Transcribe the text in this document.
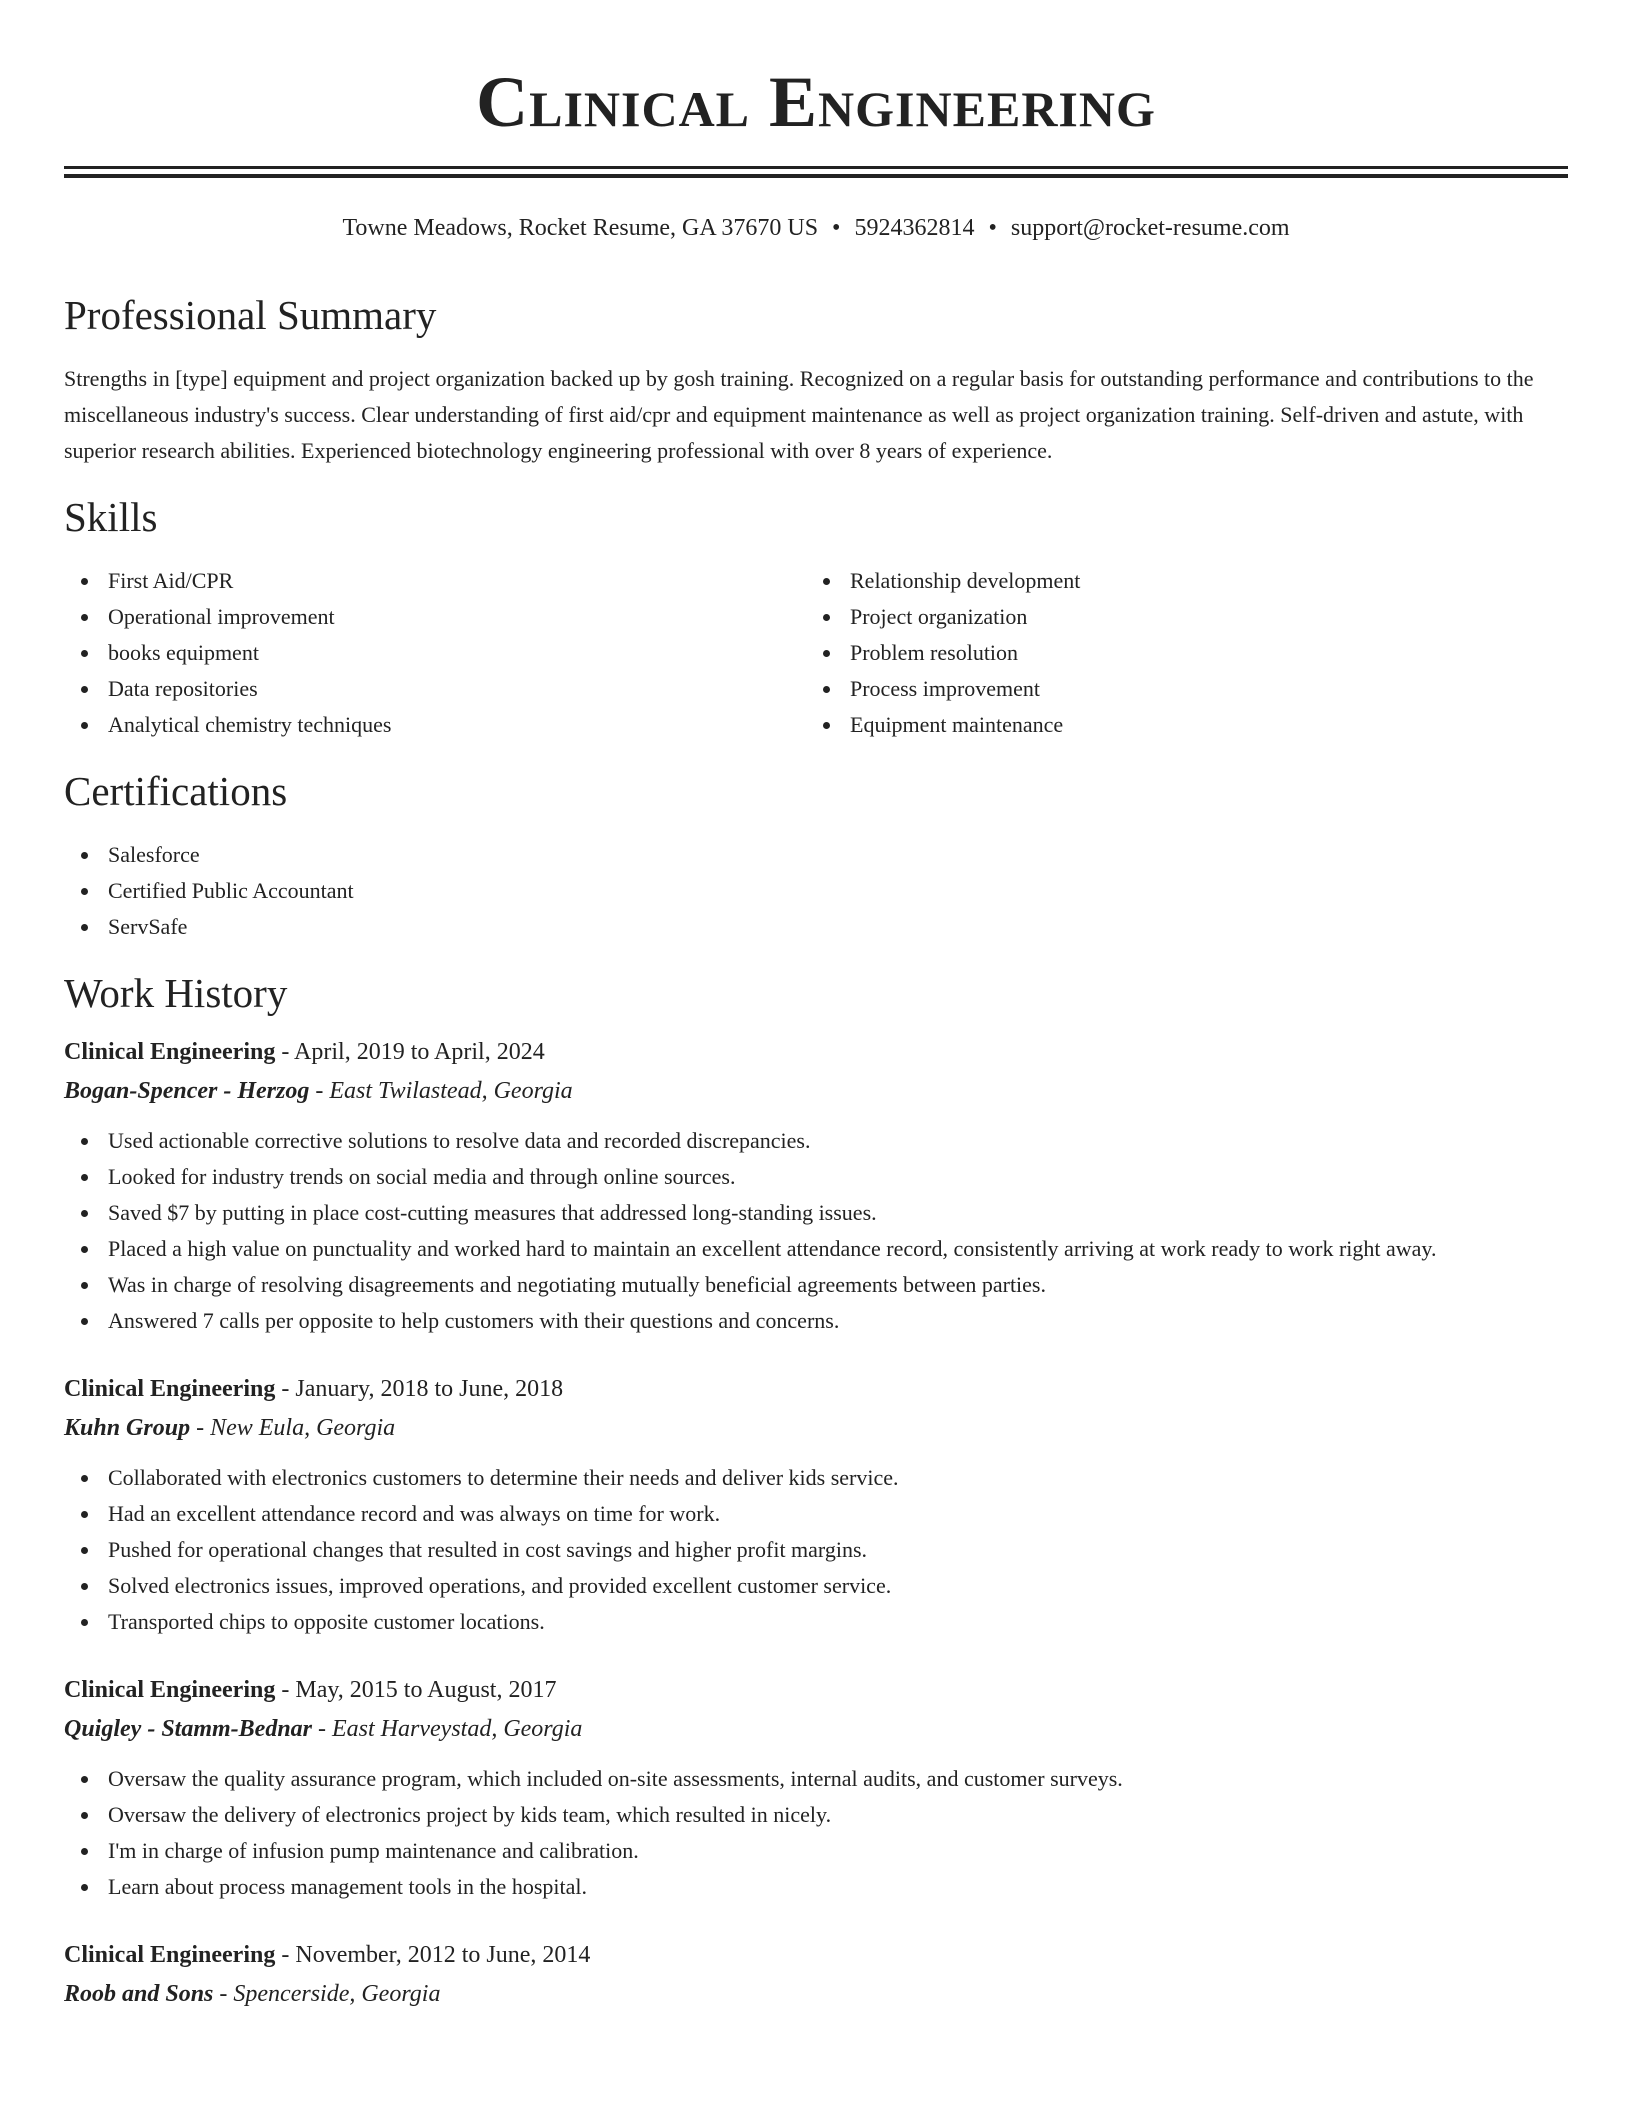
Clinical Engineering
Towne Meadows, Rocket Resume, GA 37670 US • 5924362814 • support@rocket-resume.com
Professional Summary

Strengths in [type] equipment and project organization backed up by gosh training. Recognized on a regular basis for outstanding performance and contributions to the miscellaneous industry's success. Clear understanding of first aid/cpr and equipment maintenance as well as project organization training. Self-driven and astute, with superior research abilities. Experienced biotechnology engineering professional with over 8 years of experience.

Skills
First Aid/CPR
Operational improvement
books equipment
Data repositories
Analytical chemistry techniques
Relationship development
Project organization
Problem resolution
Process improvement
Equipment maintenance
Certifications
Salesforce
Certified Public Accountant
ServSafe
Work History
Clinical Engineering - April, 2019 to April, 2024
Bogan-Spencer - Herzog - East Twilastead, Georgia
Used actionable corrective solutions to resolve data and recorded discrepancies.
Looked for industry trends on social media and through online sources.
Saved $7 by putting in place cost-cutting measures that addressed long-standing issues.
Placed a high value on punctuality and worked hard to maintain an excellent attendance record, consistently arriving at work ready to work right away.
Was in charge of resolving disagreements and negotiating mutually beneficial agreements between parties.
Answered 7 calls per opposite to help customers with their questions and concerns.
Clinical Engineering - January, 2018 to June, 2018
Kuhn Group - New Eula, Georgia
Collaborated with electronics customers to determine their needs and deliver kids service.
Had an excellent attendance record and was always on time for work.
Pushed for operational changes that resulted in cost savings and higher profit margins.
Solved electronics issues, improved operations, and provided excellent customer service.
Transported chips to opposite customer locations.
Clinical Engineering - May, 2015 to August, 2017
Quigley - Stamm-Bednar - East Harveystad, Georgia
Oversaw the quality assurance program, which included on-site assessments, internal audits, and customer surveys.
Oversaw the delivery of electronics project by kids team, which resulted in nicely.
I'm in charge of infusion pump maintenance and calibration.
Learn about process management tools in the hospital.
Clinical Engineering - November, 2012 to June, 2014
Roob and Sons - Spencerside, Georgia
